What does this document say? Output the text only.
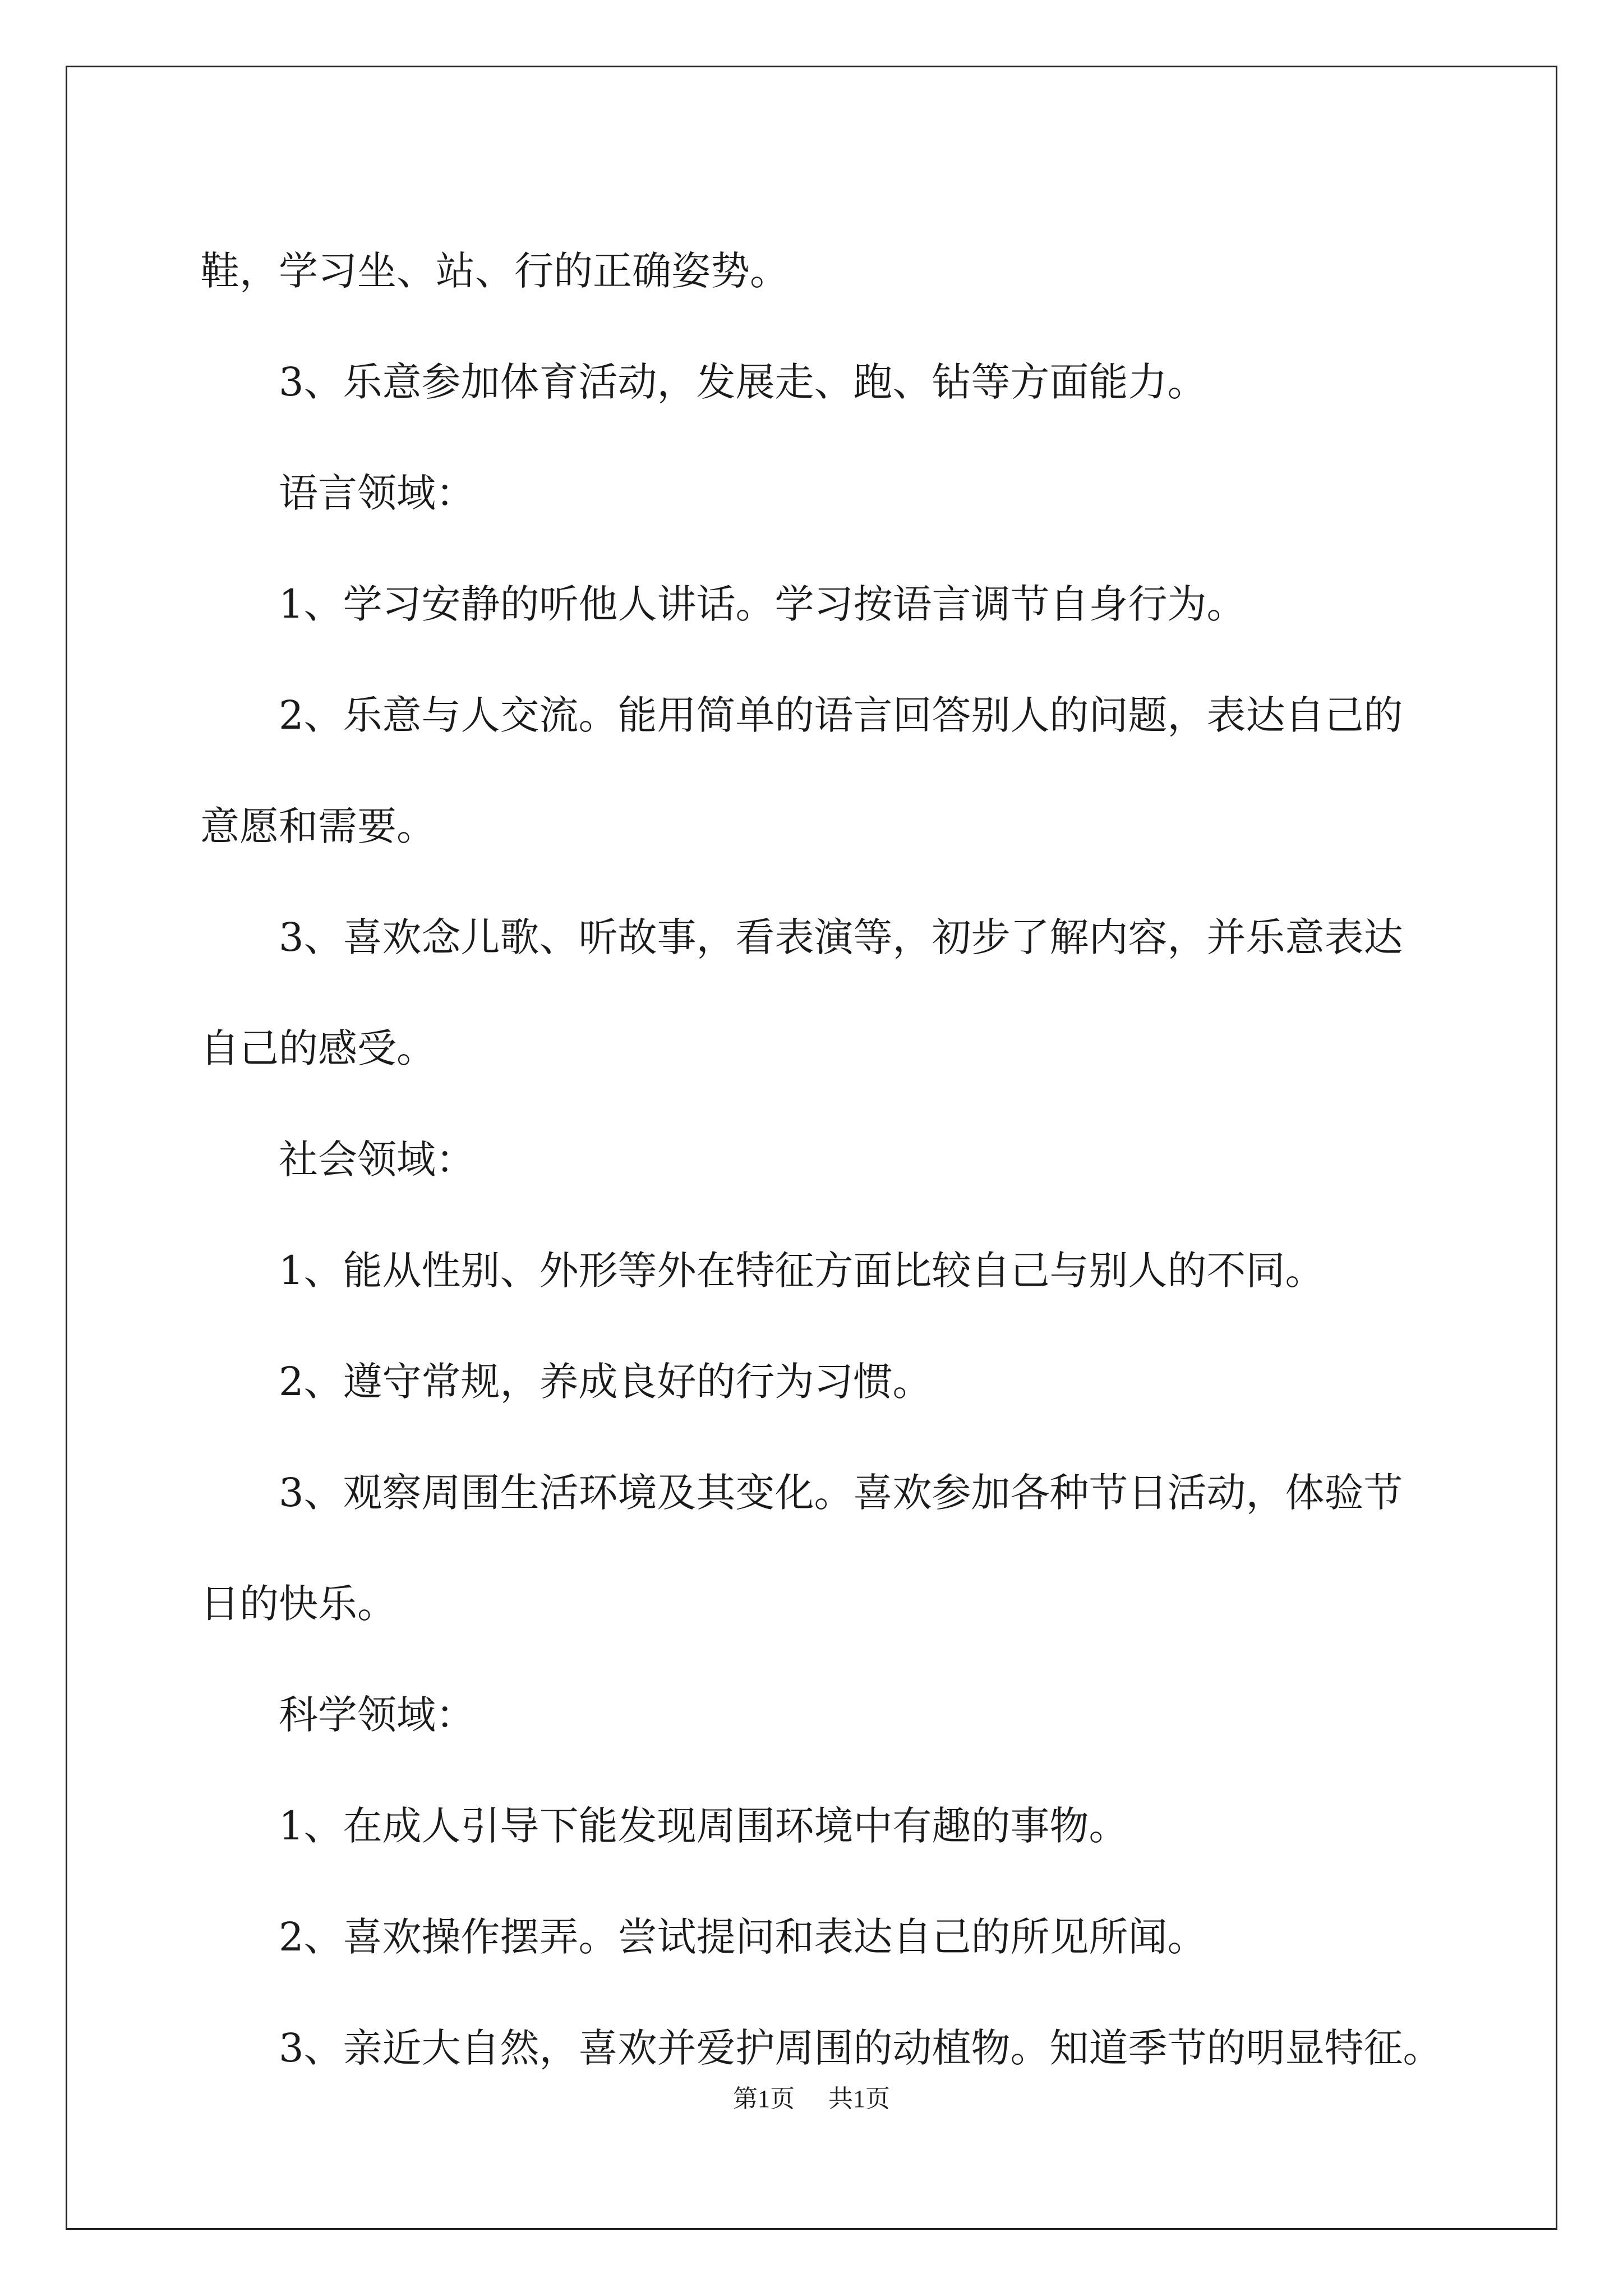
鞋，学习坐、站、行的正确姿势。

3、乐意参加体育活动，发展走、跑、钻等方面能力。

语言领域：

1、学习安静的听他人讲话。学习按语言调节自身行为。

2、乐意与人交流。能用简单的语言回答别人的问题，表达自己的

意愿和需要。

3、喜欢念儿歌、听故事，看表演等，初步了解内容，并乐意表达

自己的感受。

社会领域：

1、能从性别、外形等外在特征方面比较自己与别人的不同。

2、遵守常规，养成良好的行为习惯。

3、观察周围生活环境及其变化。喜欢参加各种节日活动，体验节

日的快乐。

科学领域：

1、在成人引导下能发现周围环境中有趣的事物。

2、喜欢操作摆弄。尝试提问和表达自己的所见所闻。

3、亲近大自然，喜欢并爱护周围的动植物。知道季节的明显特征。

第1页 共1页
